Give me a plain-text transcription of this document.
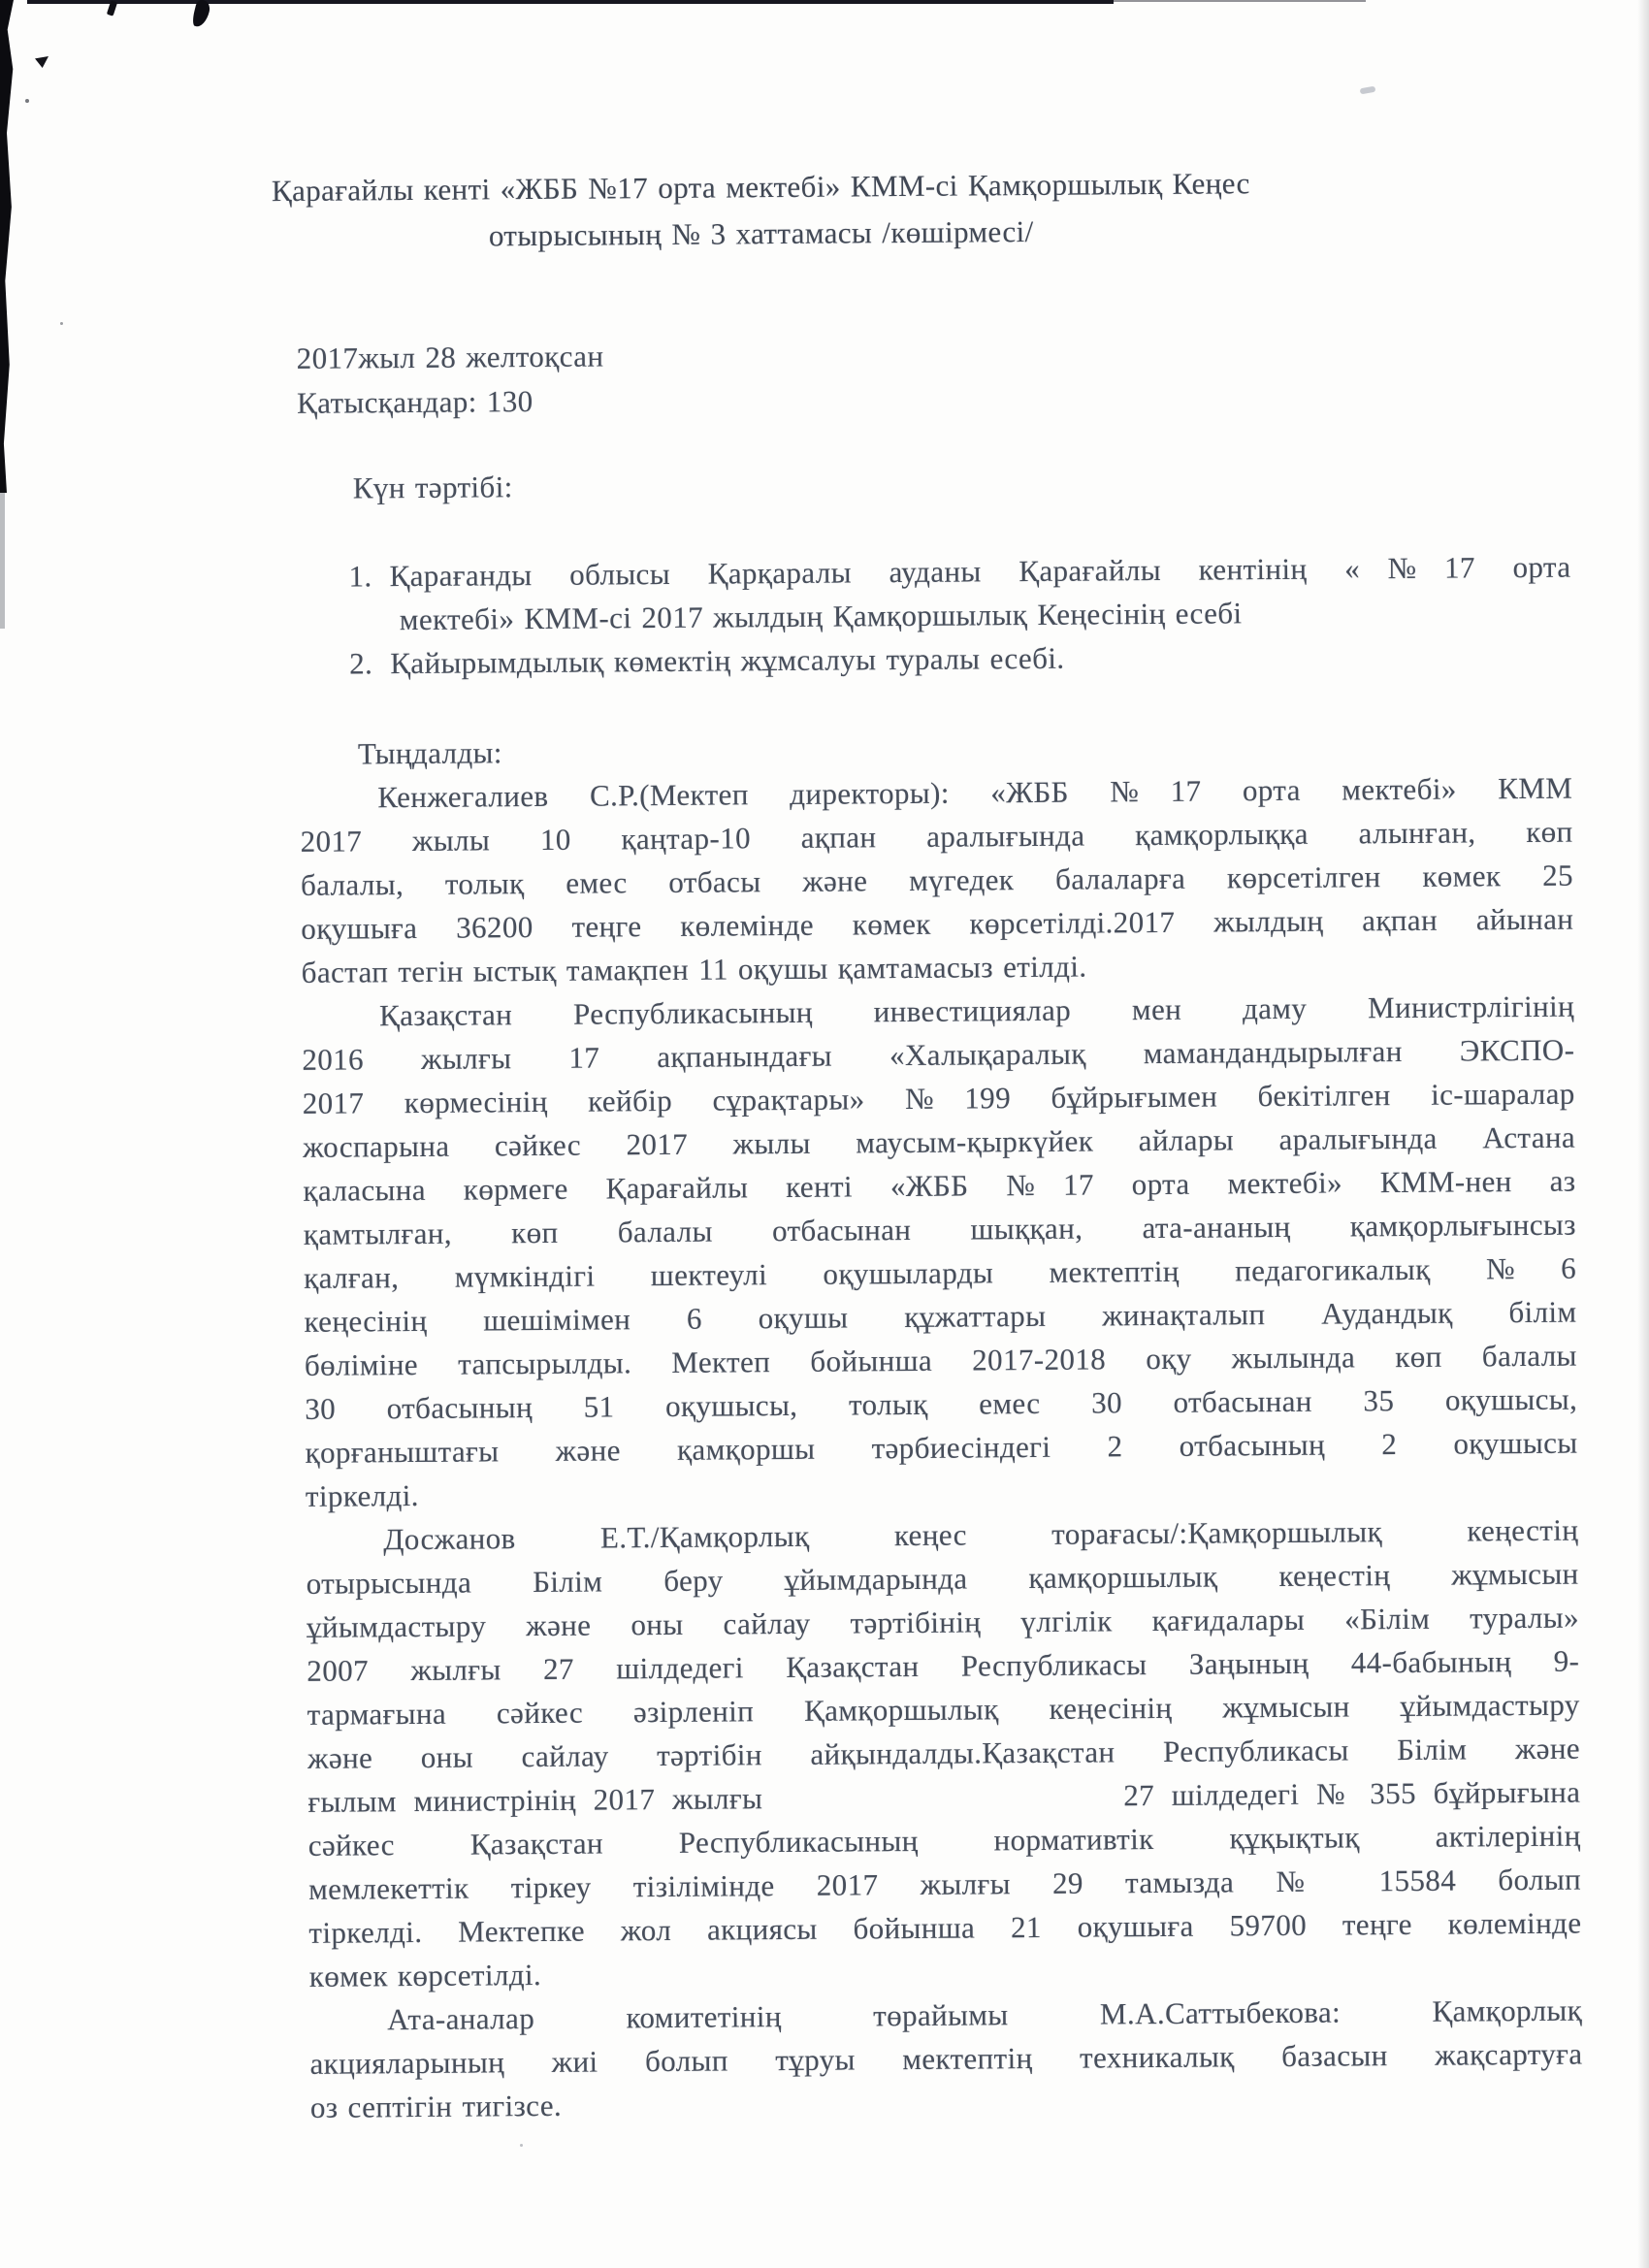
Қарағайлы кенті «ЖББ №17 орта мектебі» КММ-сі Қамқоршылық Кеңес
отырысының № 3 хаттамасы /көшірмесі/
2017жыл 28 желтоқсан
Қатысқандар: 130
Күн тәртібі:
1. Қарағанды облысы Қарқаралы ауданы Қарағайлы кентінің «№17 орта
мектебі» КММ-сі 2017 жылдың Қамқоршылық Кеңесінің есебі
2. Қайырымдылық көмектің жұмсалуы туралы есебі.
Тыңдалды:
Кенжегалиев С.Р.(Мектеп директоры): «ЖББ №17 орта мектебі» КММ
2017 жылы 10 қаңтар-10 ақпан аралығында қамқорлыққа алынған, көп
балалы, толық емес отбасы және мүгедек балаларға көрсетілген көмек 25
оқушыға 36200 теңге көлемінде көмек көрсетілді.2017 жылдың ақпан айынан
бастап тегін ыстық тамақпен 11 оқушы қамтамасыз етілді.
Қазақстан Республикасының инвестициялар мен даму Министрлігінің
2016 жылғы 17 ақпанындағы «Халықаралық мамандандырылған ЭКСПО-
2017 көрмесінің кейбір сұрақтары» №199 бұйрығымен бекітілген іс-шаралар
жоспарына сәйкес 2017 жылы маусым-қыркүйек айлары аралығында Астана
қаласына көрмеге Қарағайлы кенті «ЖББ №17 орта мектебі» КММ-нен аз
қамтылған, көп балалы отбасынан шыққан, ата-ананың қамқорлығынсыз
қалған, мүмкіндігі шектеулі оқушыларды мектептің педагогикалық №6
кеңесінің шешімімен 6 оқушы құжаттары жинақталып Аудандық білім
бөліміне тапсырылды. Мектеп бойынша 2017-2018 оқу жылында көп балалы
30 отбасының 51 оқушысы, толық емес 30 отбасынан 35 оқушысы,
қорғаныштағы және қамқоршы тәрбиесіндегі 2 отбасының 2 оқушысы
тіркелді.
Досжанов Е.Т./Қамқорлық кеңес торағасы/:Қамқоршылық кеңестің
отырысында Білім беру ұйымдарында қамқоршылық кеңестің жұмысын
ұйымдастыру және оны сайлау тәртібінің үлгілік қағидалары «Білім туралы»
2007 жылғы 27 шілдедегі Қазақстан Республикасы Заңының 44-бабының 9-
тармағына сәйкес әзірленіп Қамқоршылық кеңесінің жұмысын ұйымдастыру
және оны сайлау тәртібін айқындалды.Қазақстан Республикасы Білім және
ғылым министрінің 2017 жылғы                     27 шілдедегі № 355 бұйрығына
сәйкес Қазақстан Республикасының нормативтік құқықтық актілерінің
мемлекеттік тіркеу тізілімінде 2017 жылғы 29 тамызда № 15584 болып
тіркелді. Мектепке жол акциясы бойынша 21 оқушыға 59700 теңге көлемінде
көмек көрсетілді.
Ата-аналар комитетінің төрайымы М.А.Саттыбекова: Қамқорлық
акцияларының жиі болып тұруы мектептің техникалық базасын жақсартуға
оз септігін тигізсе.
